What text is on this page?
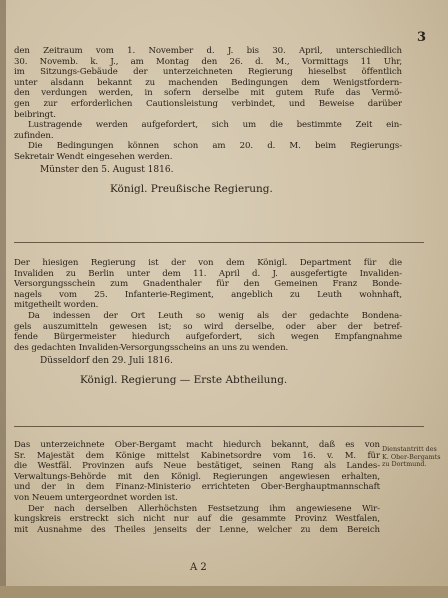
3
den Zeitraum vom 1. November d. J. bis 30. April, unterschiedlich
30. Novemb. k. J., am Montag den 26. d. M., Vormittags 11 Uhr,
im Sitzungs-Gebäude der unterzeichneten Regierung hieselbst öffentlich
unter alsdann bekannt zu machenden Bedingungen dem Wenigstfordern-
den verdungen werden, in sofern derselbe mit gutem Rufe das Vermö-
gen zur erforderlichen Cautionsleistung verbindet, und Beweise darüber
beibringt.
Lustragende werden aufgefordert, sich um die bestimmte Zeit ein-
zufinden.
Die Bedingungen können schon am 20. d. M. beim Regierungs-
Sekretair Wendt eingesehen werden.
Münster den 5. August 1816.
Königl. Preußische Regierung.
Der hiesigen Regierung ist der von dem Königl. Department für die
Invaliden zu Berlin unter dem 11. April d. J. ausgefertigte Invaliden-
Versorgungsschein zum Gnadenthaler für den Gemeinen Franz Bonde-
nagels vom 25. Infanterie-Regiment, angeblich zu Leuth wohnhaft,
mitgetheilt worden.
Da indessen der Ort Leuth so wenig als der gedachte Bondena-
gels auszumitteln gewesen ist; so wird derselbe, oder aber der betref-
fende Bürgermeister hiedurch aufgefordert, sich wegen Empfangnahme
des gedachten Invaliden-Versorgungsscheins an uns zu wenden.
Düsseldorf den 29. Juli 1816.
Königl. Regierung — Erste Abtheilung.
Das unterzeichnete Ober-Bergamt macht hiedurch bekannt, daß es von
Sr. Majestät dem Könige mittelst Kabinetsordre vom 16. v. M. für
die Westfäl. Provinzen aufs Neue bestätiget, seinen Rang als Landes-
Verwaltungs-Behörde mit den Königl. Regierungen angewiesen erhalten,
und der in dem Finanz-Ministerio errichteten Ober-Berghauptmannschaft
von Neuem untergeordnet worden ist.
Der nach derselben Allerhöchsten Festsetzung ihm angewiesene Wir-
kungskreis erstreckt sich nicht nur auf die gesammte Provinz Westfalen,
mit Ausnahme des Theiles jenseits der Lenne, welcher zu dem Bereich
Dienstantritt des K. Ober-Bergamts zu Dortmund.
A 2
